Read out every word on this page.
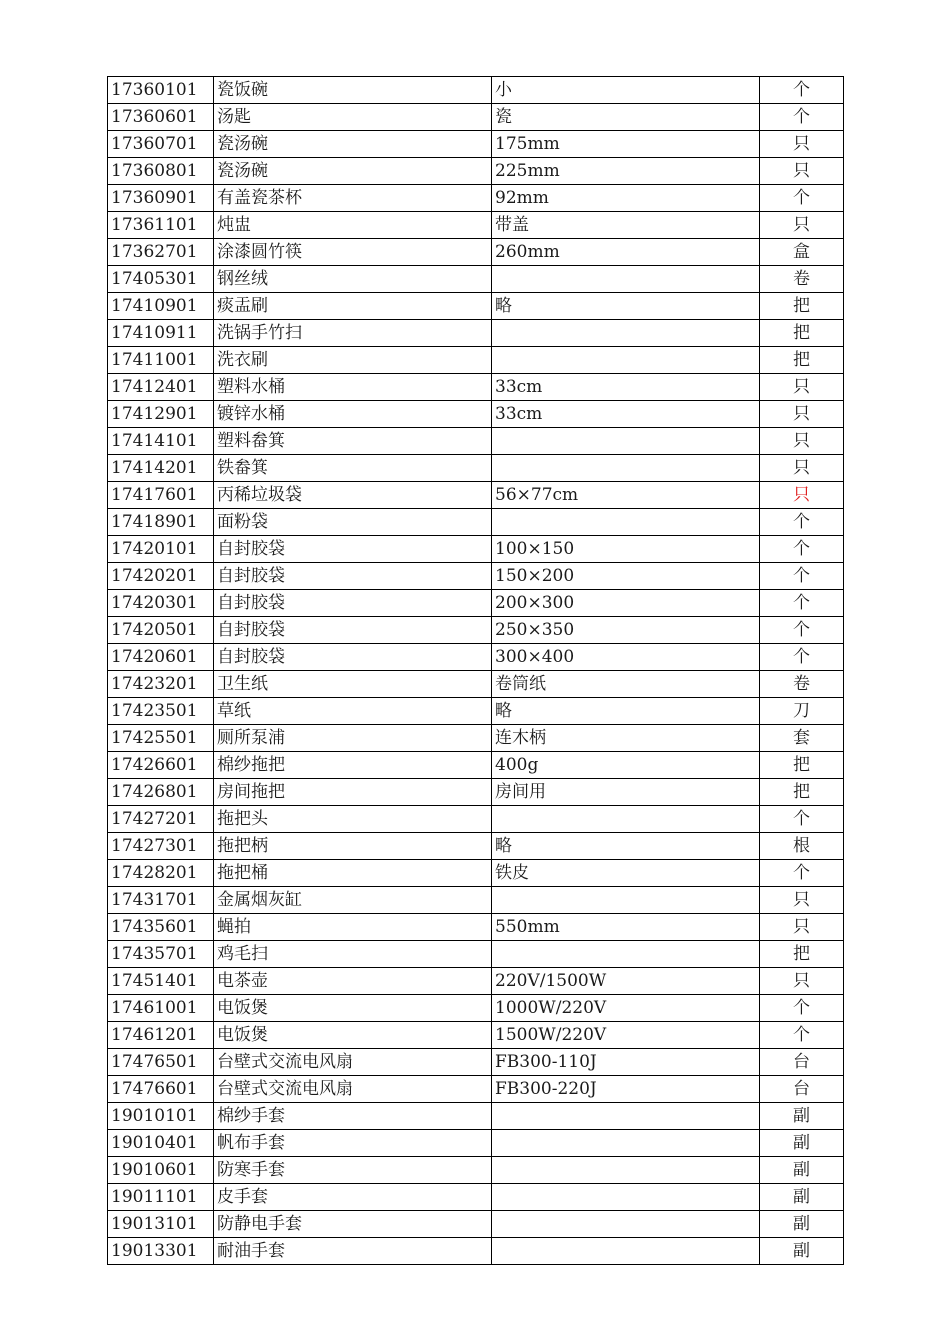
17360101	瓷饭碗	小	个
17360601	汤匙	瓷	个
17360701	瓷汤碗	175mm	只
17360801	瓷汤碗	225mm	只
17360901	有盖瓷茶杯	92mm	个
17361101	炖盅	带盖	只
17362701	涂漆圆竹筷	260mm	盒
17405301	钢丝绒		卷
17410901	痰盂刷	略	把
17410911	洗锅手竹扫		把
17411001	洗衣刷		把
17412401	塑料水桶	33cm	只
17412901	镀锌水桶	33cm	只
17414101	塑料畚箕		只
17414201	铁畚箕		只
17417601	丙稀垃圾袋	56×77cm	只
17418901	面粉袋		个
17420101	自封胶袋	100×150	个
17420201	自封胶袋	150×200	个
17420301	自封胶袋	200×300	个
17420501	自封胶袋	250×350	个
17420601	自封胶袋	300×400	个
17423201	卫生纸	卷筒纸	卷
17423501	草纸	略	刀
17425501	厕所泵浦	连木柄	套
17426601	棉纱拖把	400g	把
17426801	房间拖把	房间用	把
17427201	拖把头		个
17427301	拖把柄	略	根
17428201	拖把桶	铁皮	个
17431701	金属烟灰缸		只
17435601	蝇拍	550mm	只
17435701	鸡毛扫		把
17451401	电茶壶	220V/1500W	只
17461001	电饭煲	1000W/220V	个
17461201	电饭煲	1500W/220V	个
17476501	台壁式交流电风扇	FB300-110J	台
17476601	台壁式交流电风扇	FB300-220J	台
19010101	棉纱手套		副
19010401	帆布手套		副
19010601	防寒手套		副
19011101	皮手套		副
19013101	防静电手套		副
19013301	耐油手套		副
